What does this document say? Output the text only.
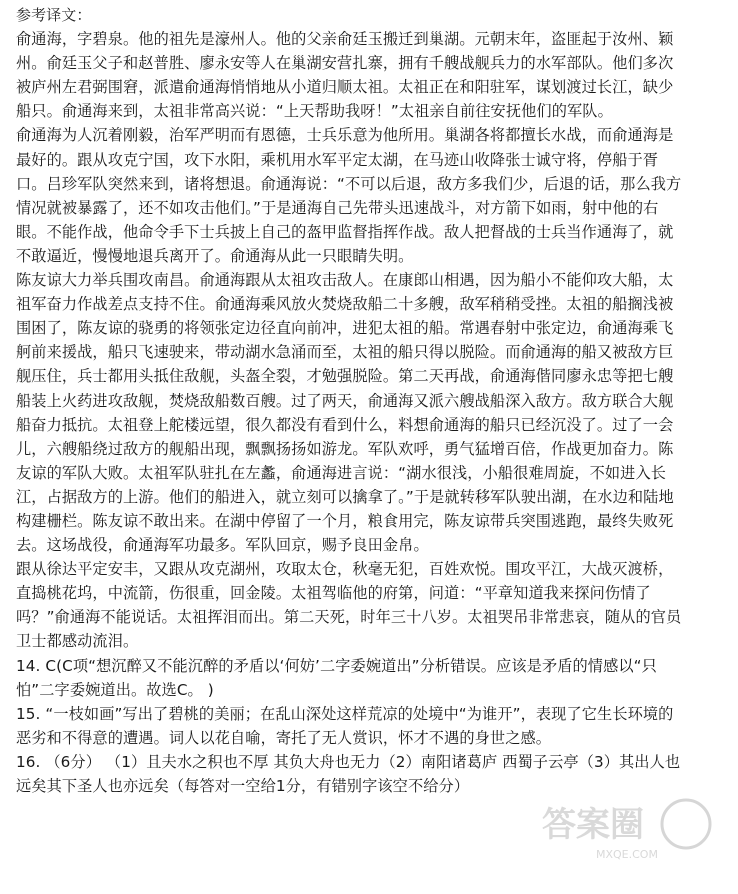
参考译文：
俞通海，字碧泉。他的祖先是濠州人。他的父亲俞廷玉搬迁到巢湖。元朝末年，盗匪起于汝州、颖
州。俞廷玉父子和赵普胜、廖永安等人在巢湖安营扎寨，拥有千艘战舰兵力的水军部队。他们多次
被庐州左君弼围窘，派遣俞通海悄悄地从小道归顺太祖。太祖正在和阳驻军，谋划渡过长江，缺少
船只。俞通海来到，太祖非常高兴说：“上天帮助我呀！”太祖亲自前往安抚他们的军队。
俞通海为人沉着刚毅，治军严明而有恩德，士兵乐意为他所用。巢湖各将都擅长水战，而俞通海是
最好的。跟从攻克宁国，攻下水阳，乘机用水军平定太湖，在马迹山收降张士诚守将，停船于胥
口。吕珍军队突然来到，诸将想退。俞通海说：“不可以后退，敌方多我们少，后退的话，那么我方
情况就被暴露了，还不如攻击他们。”于是通海自己先带头迅速战斗，对方箭下如雨，射中他的右
眼。不能作战，他命令手下士兵披上自己的盔甲监督指挥作战。敌人把督战的士兵当作通海了，就
不敢逼近，慢慢地退兵离开了。俞通海从此一只眼睛失明。
陈友谅大力举兵围攻南昌。俞通海跟从太祖攻击敌人。在康郎山相遇，因为船小不能仰攻大船，太
祖军奋力作战差点支持不住。俞通海乘风放火焚烧敌船二十多艘，敌军稍稍受挫。太祖的船搁浅被
围困了，陈友谅的骁勇的将领张定边径直向前冲，进犯太祖的船。常遇春射中张定边，俞通海乘飞
舸前来援战，船只飞速驶来，带动湖水急涌而至，太祖的船只得以脱险。而俞通海的船又被敌方巨
舰压住，兵士都用头抵住敌舰，头盔全裂，才勉强脱险。第二天再战，俞通海偕同廖永忠等把七艘
船装上火药进攻敌舰，焚烧敌船数百艘。过了两天，俞通海又派六艘战船深入敌方。敌方联合大舰
船奋力抵抗。太祖登上舵楼远望，很久都没有看到什么，料想俞通海的船只已经沉没了。过了一会
儿，六艘船绕过敌方的舰船出现，飘飘扬扬如游龙。军队欢呼，勇气猛增百倍，作战更加奋力。陈
友谅的军队大败。太祖军队驻扎在左蠡，俞通海进言说：“湖水很浅，小船很难周旋，不如进入长
江，占据敌方的上游。他们的船进入，就立刻可以擒拿了。”于是就转移军队驶出湖，在水边和陆地
构建栅栏。陈友谅不敢出来。在湖中停留了一个月，粮食用完，陈友谅带兵突围逃跑，最终失败死
去。这场战役，俞通海军功最多。军队回京，赐予良田金帛。
跟从徐达平定安丰，又跟从攻克湖州，攻取太仓，秋毫无犯，百姓欢悦。围攻平江，大战灭渡桥，
直捣桃花坞，中流箭，伤很重，回金陵。太祖驾临他的府第，问道：“平章知道我来探问伤情了
吗？”俞通海不能说话。太祖挥泪而出。第二天死，时年三十八岁。太祖哭吊非常悲哀，随从的官员
卫士都感动流泪。
14. C(C项“想沉醉又不能沉醉的矛盾以‘何妨’二字委婉道出”分析错误。应该是矛盾的情感以“只
怕”二字委婉道出。故选C。 )
15. “一枝如画”写出了碧桃的美丽；在乱山深处这样荒凉的处境中“为谁开”，表现了它生长环境的
恶劣和不得意的遭遇。词人以花自喻，寄托了无人赏识，怀才不遇的身世之感。
16. （6分） （1）且夫水之积也不厚 其负大舟也无力（2）南阳诸葛庐 西蜀子云亭（3）其出人也
远矣其下圣人也亦远矣（每答对一空给1分，有错别字该空不给分）
答案圈
MXQE.COM
